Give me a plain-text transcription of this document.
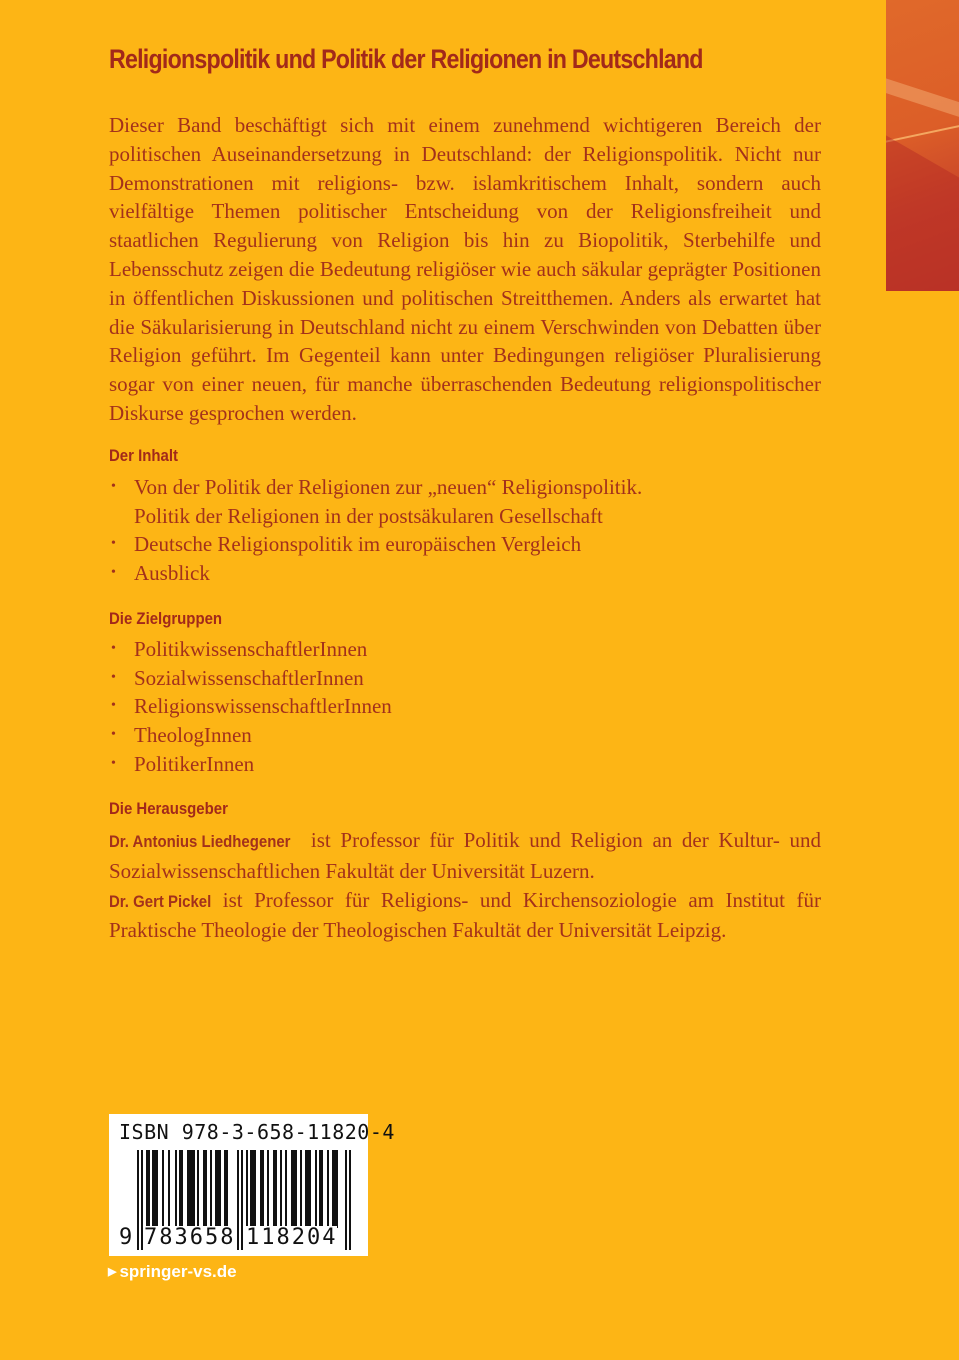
Religionspolitik und Politik der Religionen in Deutschland
Dieser Band beschäftigt sich mit einem zunehmend wichtigeren Bereich der politischen Auseinandersetzung in Deutschland: der Religionspolitik. Nicht nur Demonstrationen mit religions- bzw. islamkritischem Inhalt, sondern auch vielfältige Themen politischer Entscheidung von der Religionsfreiheit und staatlichen Regulierung von Religion bis hin zu Biopolitik, Sterbehilfe und Lebensschutz zeigen die Bedeutung religiöser wie auch säkular geprägter Positionen in öffentlichen Diskussionen und politischen Streitthemen. Anders als erwartet hat die Säkularisierung in Deutschland nicht zu einem Verschwinden von Debatten über Religion geführt. Im Gegenteil kann unter Bedingungen religiöser Pluralisierung sogar von einer neuen, für manche überraschenden Bedeutung religionspolitischer Diskurse gesprochen werden.
Der Inhalt
• Von der Politik der Religionen zur „neuen“ Religionspolitik.
Politik der Religionen in der postsäkularen Gesellschaft
• Deutsche Religionspolitik im europäischen Vergleich
• Ausblick
Die Zielgruppen
• PolitikwissenschaftlerInnen
• SozialwissenschaftlerInnen
• ReligionswissenschaftlerInnen
• TheologInnen
• PolitikerInnen
Die Herausgeber
Dr. Antonius Liedhegener ist Professor für Politik und Religion an der Kultur- und Sozialwissenschaftlichen Fakultät der Universität Luzern.
Dr. Gert Pickel ist Professor für Religions- und Kirchensoziologie am Institut für Praktische Theologie der Theologischen Fakultät der Universität Leipzig.
ISBN 978-3-658-11820-4
9 783658 118204
▶ springer-vs.de
